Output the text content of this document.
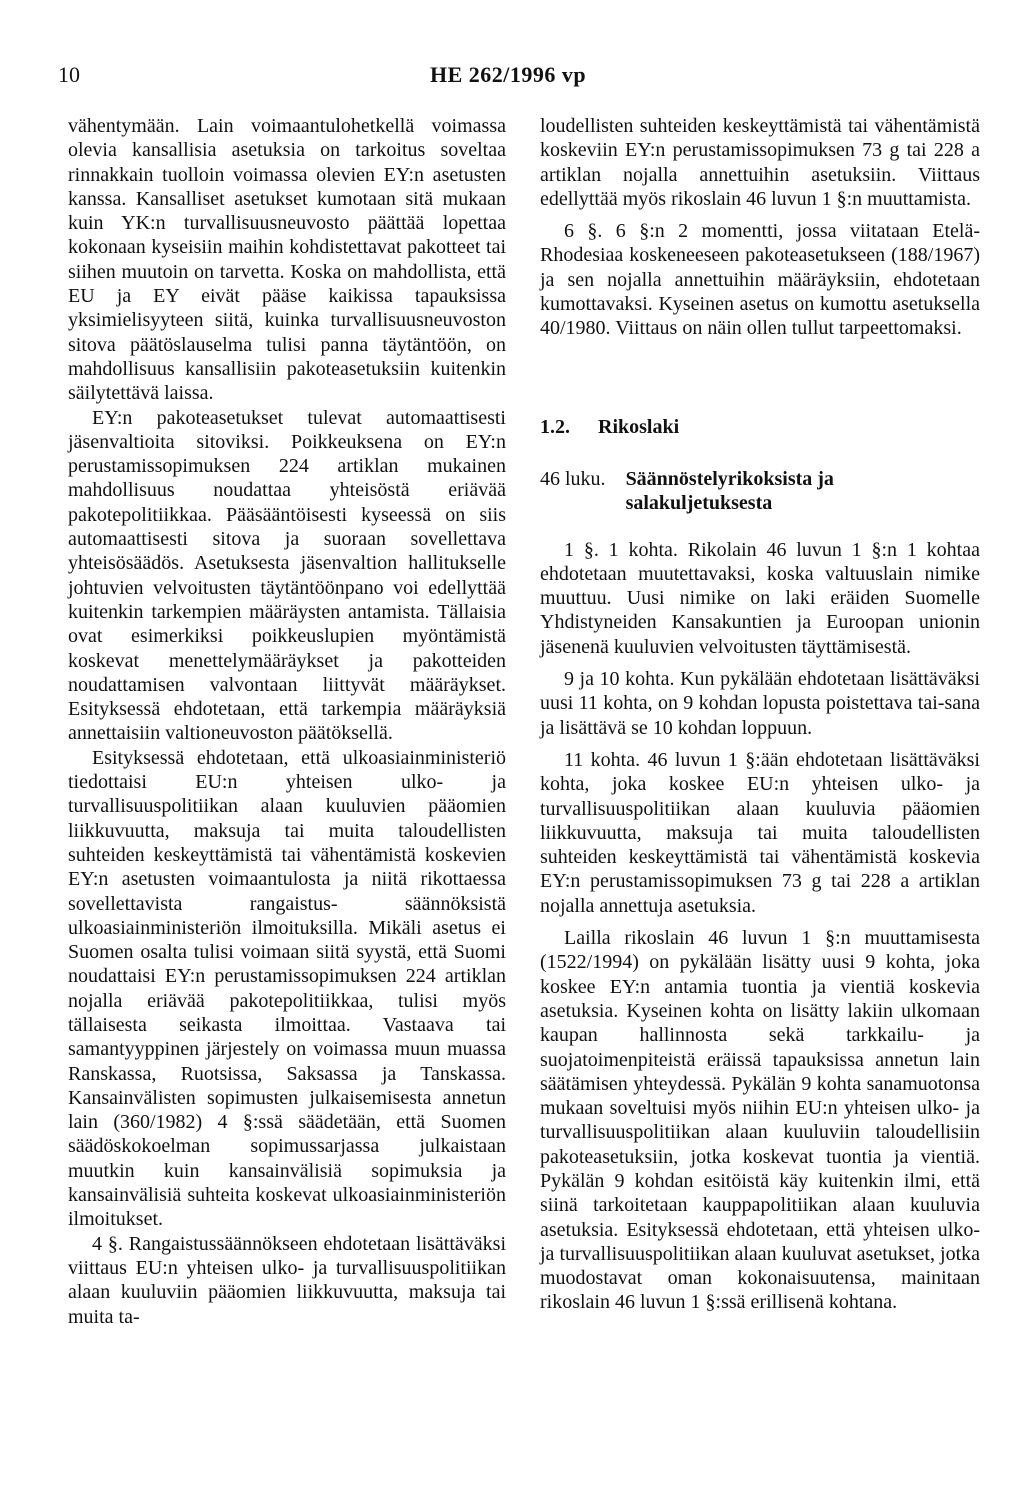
10	HE 262/1996 vp

vähentymään. Lain voimaantulohetkellä voimassa olevia kansallisia asetuksia on tarkoitus soveltaa rinnakkain tuolloin voimassa olevien EY:n asetusten kanssa. Kansalliset asetukset kumotaan sitä mukaan kuin YK:n turvallisuusneuvosto päättää lopettaa kokonaan kyseisiin maihin kohdistettavat pakotteet tai siihen muutoin on tarvetta. Koska on mahdollista, että EU ja EY eivät pääse kaikissa tapauksissa yksimielisyyteen siitä, kuinka turvallisuusneuvoston sitova päätöslauselma tulisi panna täytäntöön, on mahdollisuus kansallisiin pakoteasetuksiin kuitenkin säilytettävä laissa.

EY:n pakoteasetukset tulevat automaattisesti jäsenvaltioita sitoviksi. Poikkeuksena on EY:n perustamissopimuksen 224 artiklan mukainen mahdollisuus noudattaa yhteisöstä eriävää pakotepolitiikkaa. Pääsääntöisesti kyseessä on siis automaattisesti sitova ja suoraan sovellettava yhteisösäädös. Asetuksesta jäsenvaltion hallitukselle johtuvien velvoitusten täytäntöönpano voi edellyttää kuitenkin tarkempien määräysten antamista. Tällaisia ovat esimerkiksi poikkeuslupien myöntämistä koskevat menettelymääräykset ja pakotteiden noudattamisen valvontaan liittyvät määräykset. Esityksessä ehdotetaan, että tarkempia määräyksiä annettaisiin valtioneuvoston päätöksellä.

Esityksessä ehdotetaan, että ulkoasiainministeriö tiedottaisi EU:n yhteisen ulko- ja turvallisuuspolitiikan alaan kuuluvien pääomien liikkuvuutta, maksuja tai muita taloudellisten suhteiden keskeyttämistä tai vähentämistä koskevien EY:n asetusten voimaantulosta ja niitä rikottaessa sovellettavista rangaistus- säännöksistä ulkoasiainministeriön ilmoituksilla. Mikäli asetus ei Suomen osalta tulisi voimaan siitä syystä, että Suomi noudattaisi EY:n perustamissopimuksen 224 artiklan nojalla eriävää pakotepolitiikkaa, tulisi myös tällaisesta seikasta ilmoittaa. Vastaava tai samantyyppinen järjestely on voimassa muun muassa Ranskassa, Ruotsissa, Saksassa ja Tanskassa. Kansainvälisten sopimusten julkaisemisesta annetun lain (360/1982) 4 §:ssä säädetään, että Suomen säädöskokoelman sopimussarjassa julkaistaan muutkin kuin kansainvälisiä sopimuksia ja kansainvälisiä suhteita koskevat ulkoasiainministeriön ilmoitukset.

4 §. Rangaistussäännökseen ehdotetaan lisättäväksi viittaus EU:n yhteisen ulko- ja turvallisuuspolitiikan alaan kuuluviin pääomien liikkuvuutta, maksuja tai muita ta-

loudellisten suhteiden keskeyttämistä tai vähentämistä koskeviin EY:n perustamissopimuksen 73 g tai 228 a artiklan nojalla annettuihin asetuksiin. Viittaus edellyttää myös rikoslain 46 luvun 1 §:n muuttamista.

6 §. 6 §:n 2 momentti, jossa viitataan Etelä-Rhodesiaa koskeneeseen pakoteasetukseen (188/1967) ja sen nojalla annettuihin määräyksiin, ehdotetaan kumottavaksi. Kyseinen asetus on kumottu asetuksella 40/1980. Viittaus on näin ollen tullut tarpeettomaksi.

1.2. Rikoslaki
46 luku. Säännöstelyrikoksista ja salakuljetuksesta

1 §. 1 kohta. Rikolain 46 luvun 1 §:n 1 kohtaa ehdotetaan muutettavaksi, koska valtuuslain nimike muuttuu. Uusi nimike on laki eräiden Suomelle Yhdistyneiden Kansakuntien ja Euroopan unionin jäsenenä kuuluvien velvoitusten täyttämisestä.

9 ja 10 kohta. Kun pykälään ehdotetaan lisättäväksi uusi 11 kohta, on 9 kohdan lopusta poistettava tai-sana ja lisättävä se 10 kohdan loppuun.

11 kohta. 46 luvun 1 §:ään ehdotetaan lisättäväksi kohta, joka koskee EU:n yhteisen ulko- ja turvallisuuspolitiikan alaan kuuluvia pääomien liikkuvuutta, maksuja tai muita taloudellisten suhteiden keskeyttämistä tai vähentämistä koskevia EY:n perustamissopimuksen 73 g tai 228 a artiklan nojalla annettuja asetuksia.

Lailla rikoslain 46 luvun 1 §:n muuttamisesta (1522/1994) on pykälään lisätty uusi 9 kohta, joka koskee EY:n antamia tuontia ja vientiä koskevia asetuksia. Kyseinen kohta on lisätty lakiin ulkomaan kaupan hallinnosta sekä tarkkailu- ja suojatoimenpiteistä eräissä tapauksissa annetun lain säätämisen yhteydessä. Pykälän 9 kohta sanamuotonsa mukaan soveltuisi myös niihin EU:n yhteisen ulko- ja turvallisuuspolitiikan alaan kuuluviin taloudellisiin pakoteasetuksiin, jotka koskevat tuontia ja vientiä. Pykälän 9 kohdan esitöistä käy kuitenkin ilmi, että siinä tarkoitetaan kauppapolitiikan alaan kuuluvia asetuksia. Esityksessä ehdotetaan, että yhteisen ulko- ja turvallisuuspolitiikan alaan kuuluvat asetukset, jotka muodostavat oman kokonaisuutensa, mainitaan rikoslain 46 luvun 1 §:ssä erillisenä kohtana.
